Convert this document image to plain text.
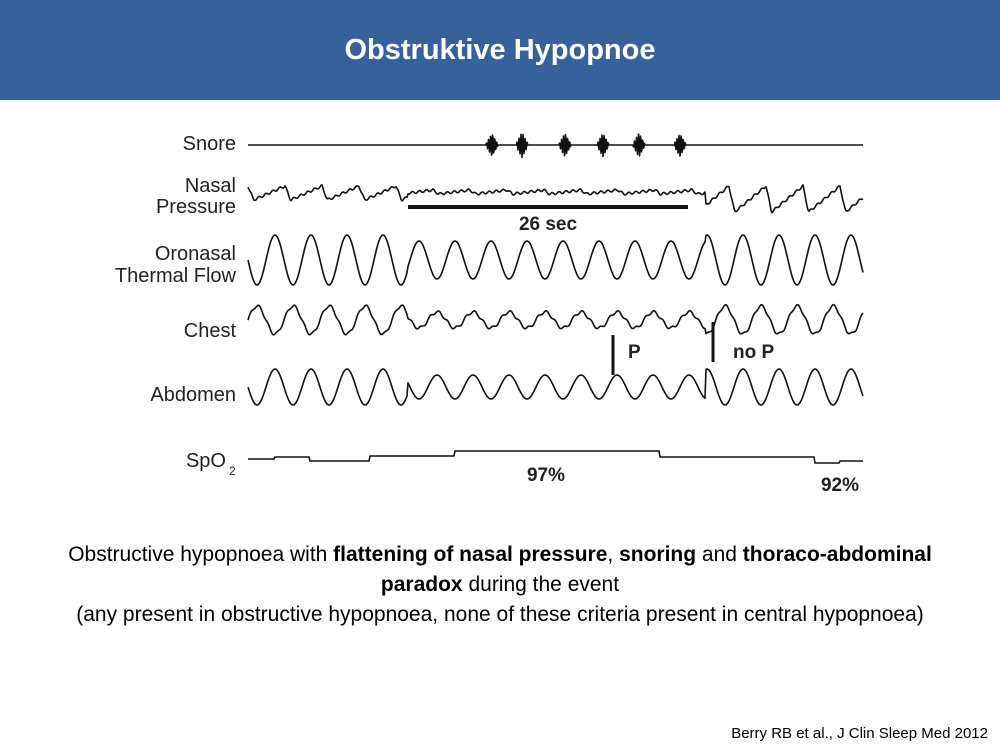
Obstruktive Hypopnoe
Snore
Nasal
Pressure
Oronasal
Thermal Flow
Chest
Abdomen
SpO 2
26 sec
P	no P
97%	92%

Obstructive hypopnoea with flattening of nasal pressure, snoring and thoraco-abdominal paradox during the event

(any present in obstructive hypopnoea, none of these criteria present in central hypopnoea)

Berry RB et al., J Clin Sleep Med 2012
